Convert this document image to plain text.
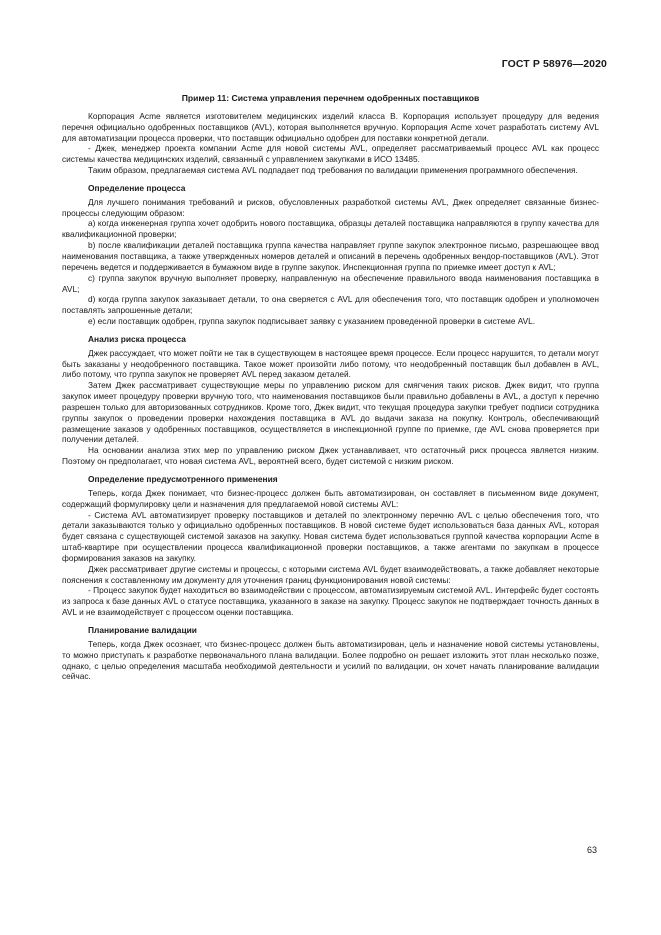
ГОСТ Р 58976—2020
Пример 11: Система управления перечнем одобренных поставщиков

Корпорация Acme является изготовителем медицинских изделий класса B. Корпорация использует процедуру для ведения перечня официально одобренных поставщиков (AVL), которая выполняется вручную. Корпорация Acme хочет разработать систему AVL для автоматизации процесса проверки, что поставщик официально одобрен для поставки конкретной детали.

- Джек, менеджер проекта компании Acme для новой системы AVL, определяет рассматриваемый процесс AVL как процесс системы качества медицинских изделий, связанный с управлением закупками в ИСО 13485.

Таким образом, предлагаемая система AVL подпадает под требования по валидации применения программного обеспечения.

Определение процесса

Для лучшего понимания требований и рисков, обусловленных разработкой системы AVL, Джек определяет связанные бизнес-процессы следующим образом:

a) когда инженерная группа хочет одобрить нового поставщика, образцы деталей поставщика направляются в группу качества для квалификационной проверки;

b) после квалификации деталей поставщика группа качества направляет группе закупок электронное письмо, разрешающее ввод наименования поставщика, а также утвержденных номеров деталей и описаний в перечень одобренных вендор-поставщиков (AVL). Этот перечень ведется и поддерживается в бумажном виде в группе закупок. Инспекционная группа по приемке имеет доступ к AVL;

c) группа закупок вручную выполняет проверку, направленную на обеспечение правильного ввода наименования поставщика в AVL;

d) когда группа закупок заказывает детали, то она сверяется с AVL для обеспечения того, что поставщик одобрен и уполномочен поставлять запрошенные детали;

e) если поставщик одобрен, группа закупок подписывает заявку с указанием проведенной проверки в системе AVL.

Анализ риска процесса

Джек рассуждает, что может пойти не так в существующем в настоящее время процессе. Если процесс нарушится, то детали могут быть заказаны у неодобренного поставщика. Такое может произойти либо потому, что неодобренный поставщик был добавлен в AVL, либо потому, что группа закупок не проверяет AVL перед заказом деталей.

Затем Джек рассматривает существующие меры по управлению риском для смягчения таких рисков. Джек видит, что группа закупок имеет процедуру проверки вручную того, что наименования поставщиков были правильно добавлены в AVL, а доступ к перечню разрешен только для авторизованных сотрудников. Кроме того, Джек видит, что текущая процедура закупки требует подписи сотрудника группы закупок о проведении проверки нахождения поставщика в AVL до выдачи заказа на покупку. Контроль, обеспечивающий размещение заказов у одобренных поставщиков, осуществляется в инспекционной группе по приемке, где AVL снова проверяется при получении деталей.

На основании анализа этих мер по управлению риском Джек устанавливает, что остаточный риск процесса является низким. Поэтому он предполагает, что новая система AVL, вероятней всего, будет системой с низким риском.

Определение предусмотренного применения

Теперь, когда Джек понимает, что бизнес-процесс должен быть автоматизирован, он составляет в письменном виде документ, содержащий формулировку цели и назначения для предлагаемой новой системы AVL:

- Система AVL автоматизирует проверку поставщиков и деталей по электронному перечню AVL с целью обеспечения того, что детали заказываются только у официально одобренных поставщиков. В новой системе будет использоваться база данных AVL, которая будет связана с существующей системой заказов на закупку. Новая система будет использоваться группой качества корпорации Acme в штаб-квартире при осуществлении процесса квалификационной проверки поставщиков, а также агентами по закупкам в процессе формирования заказов на закупку.

Джек рассматривает другие системы и процессы, с которыми система AVL будет взаимодействовать, а также добавляет некоторые пояснения к составленному им документу для уточнения границ функционирования новой системы:

- Процесс закупок будет находиться во взаимодействии с процессом, автоматизируемым системой AVL. Интерфейс будет состоять из запроса к базе данных AVL о статусе поставщика, указанного в заказе на закупку. Процесс закупок не подтверждает точность данных в AVL и не взаимодействует с процессом оценки поставщика.

Планирование валидации

Теперь, когда Джек осознает, что бизнес-процесс должен быть автоматизирован, цель и назначение новой системы установлены, то можно приступать к разработке первоначального плана валидации. Более подробно он решает изложить этот план несколько позже, однако, с целью определения масштаба необходимой деятельности и усилий по валидации, он хочет начать планирование валидации сейчас.

63
